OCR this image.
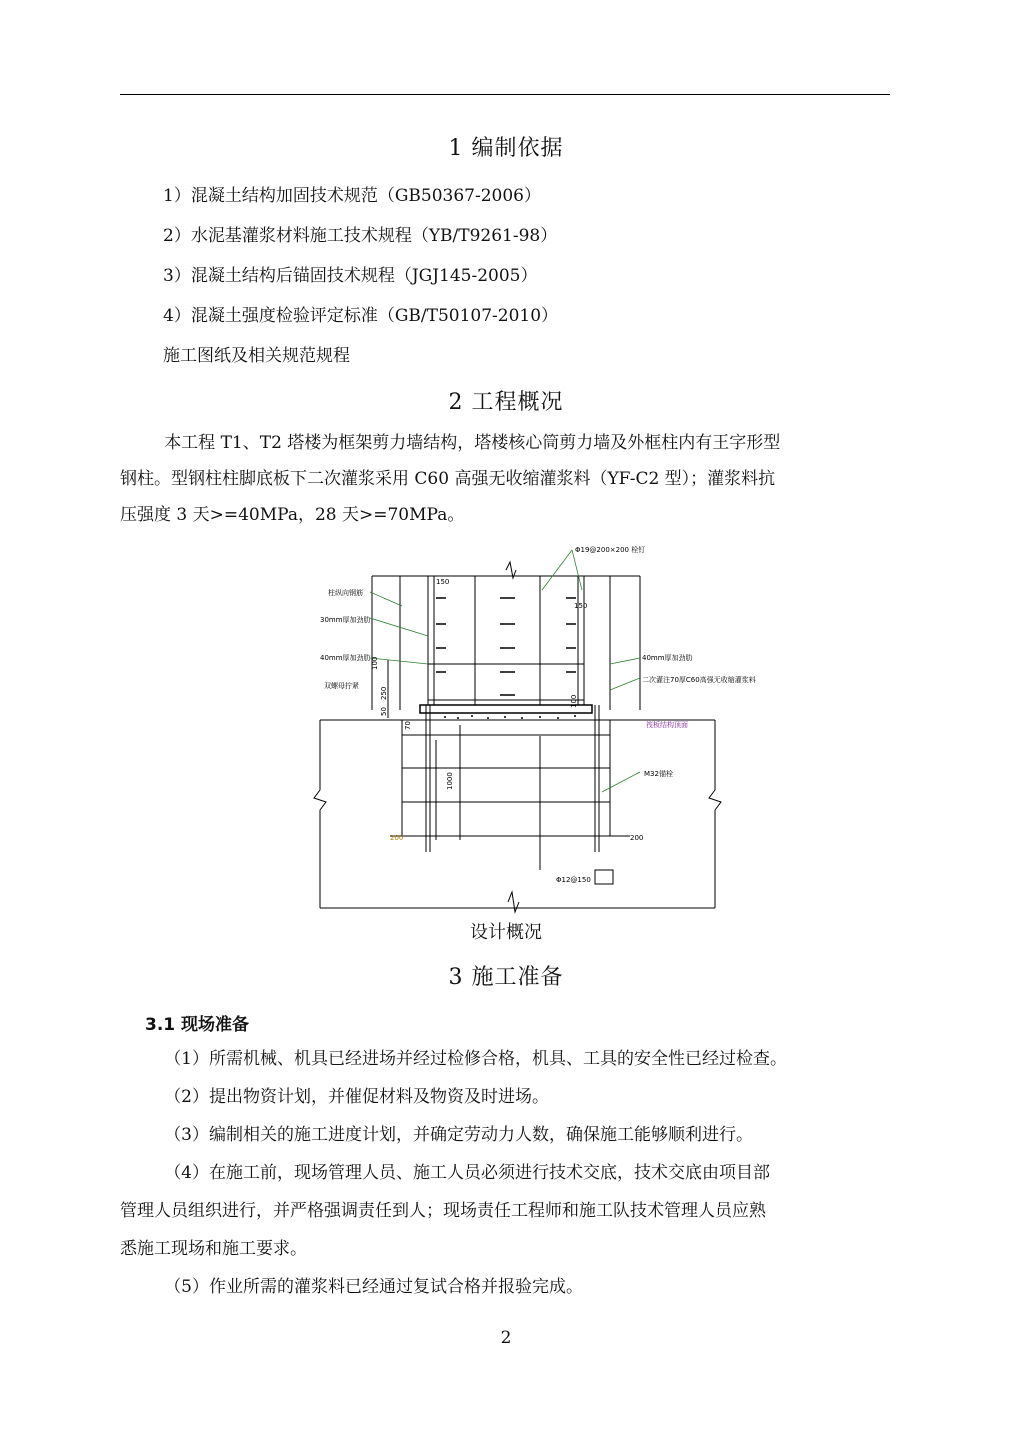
1 编制依据
1）混凝土结构加固技术规范（GB50367-2006）
2）水泥基灌浆材料施工技术规程（YB/T9261-98）
3）混凝土结构后锚固技术规程（JGJ145-2005）
4）混凝土强度检验评定标准（GB/T50107-2010）
施工图纸及相关规范规程
2 工程概况

本工程 T1、T2 塔楼为框架剪力墙结构，塔楼核心筒剪力墙及外框柱内有王字形型

钢柱。型钢柱柱脚底板下二次灌浆采用 C60 高强无收缩灌浆料（YF-C2 型）；灌浆料抗

压强度 3 天>=40MPa，28 天>=70MPa。

Φ19@200×200 栓钉
柱纵向钢筋
30mm厚加劲肋
40mm厚加劲肋	40mm厚加劲肋
双螺母拧紧
二次灌注70厚C60高强无收缩灌浆料
筏板结构顶面
M32锚栓
Φ12@150
150
150
100
250
50
70
100
1000
200
200
设计概况
3 施工准备
3.1 现场准备

（1）所需机械、机具已经进场并经过检修合格，机具、工具的安全性已经过检查。

（2）提出物资计划，并催促材料及物资及时进场。

（3）编制相关的施工进度计划，并确定劳动力人数，确保施工能够顺利进行。

（4）在施工前，现场管理人员、施工人员必须进行技术交底，技术交底由项目部

管理人员组织进行，并严格强调责任到人；现场责任工程师和施工队技术管理人员应熟

悉施工现场和施工要求。

（5）作业所需的灌浆料已经通过复试合格并报验完成。

2
